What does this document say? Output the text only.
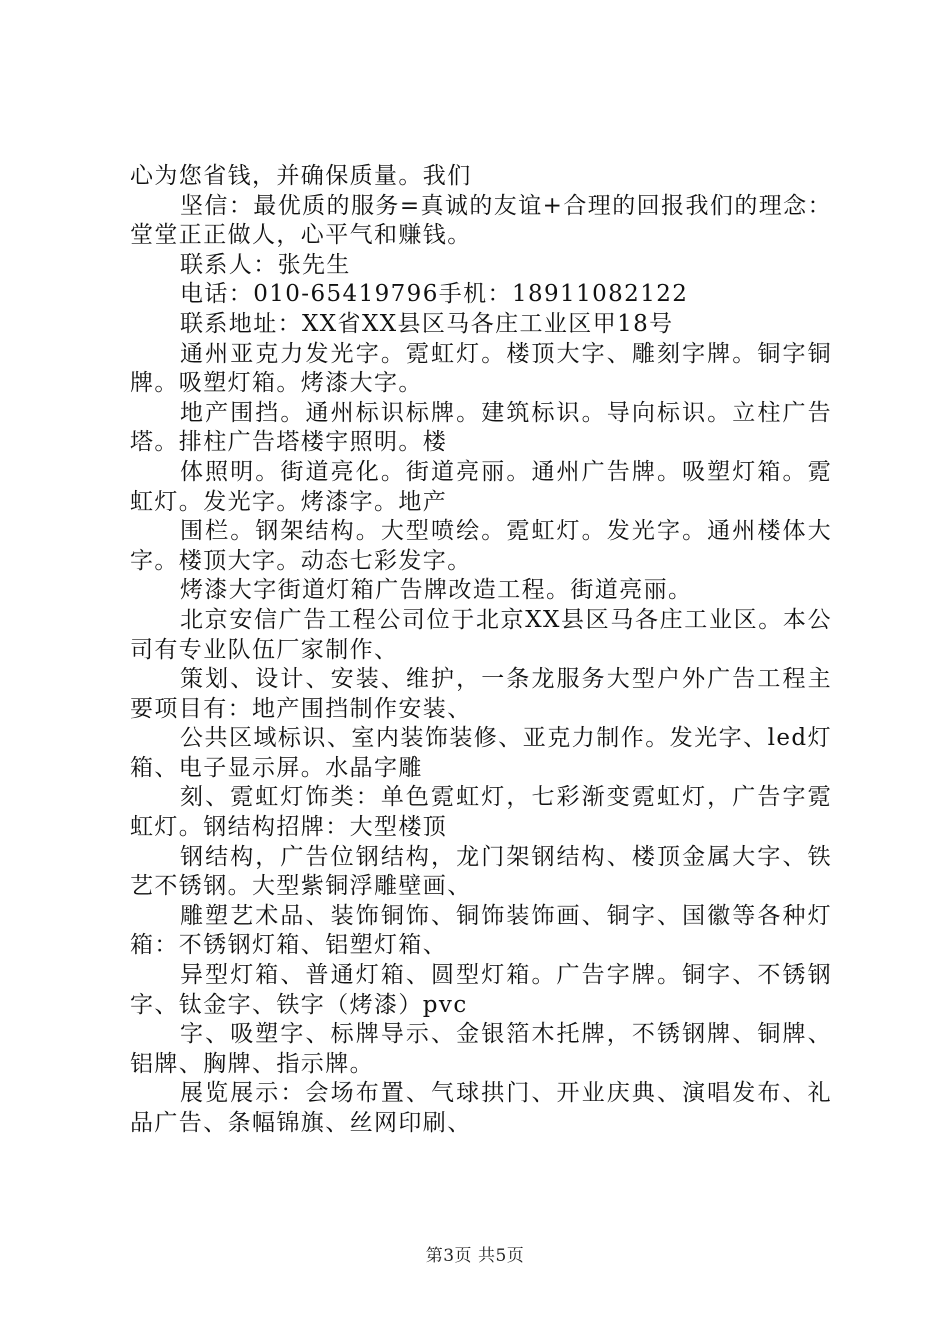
心为您省钱，并确保质量。我们

坚信：最优质的服务=真诚的友谊+合理的回报我们的理念：堂堂正正做人，心平气和赚钱。

联系人：张先生

电话：010-65419796手机：18911082122

联系地址：XX省XX县区马各庄工业区甲18号

通州亚克力发光字。霓虹灯。楼顶大字、雕刻字牌。铜字铜牌。吸塑灯箱。烤漆大字。

地产围挡。通州标识标牌。建筑标识。导向标识。立柱广告塔。排柱广告塔楼宇照明。楼

体照明。街道亮化。街道亮丽。通州广告牌。吸塑灯箱。霓虹灯。发光字。烤漆字。地产

围栏。钢架结构。大型喷绘。霓虹灯。发光字。通州楼体大字。楼顶大字。动态七彩发字。

烤漆大字街道灯箱广告牌改造工程。街道亮丽。

北京安信广告工程公司位于北京XX县区马各庄工业区。本公司有专业队伍厂家制作、

策划、设计、安装、维护，一条龙服务大型户外广告工程主要项目有：地产围挡制作安装、

公共区域标识、室内装饰装修、亚克力制作。发光字、led灯箱、电子显示屏。水晶字雕

刻、霓虹灯饰类：单色霓虹灯，七彩渐变霓虹灯，广告字霓虹灯。钢结构招牌：大型楼顶

钢结构，广告位钢结构，龙门架钢结构、楼顶金属大字、铁艺不锈钢。大型紫铜浮雕壁画、

雕塑艺术品、装饰铜饰、铜饰装饰画、铜字、国徽等各种灯箱：不锈钢灯箱、铝塑灯箱、

异型灯箱、普通灯箱、圆型灯箱。广告字牌。铜字、不锈钢字、钛金字、铁字（烤漆）pvc

字、吸塑字、标牌导示、金银箔木托牌，不锈钢牌、铜牌、铝牌、胸牌、指示牌。

展览展示：会场布置、气球拱门、开业庆典、演唱发布、礼品广告、条幅锦旗、丝网印刷、

第3页 共5页
